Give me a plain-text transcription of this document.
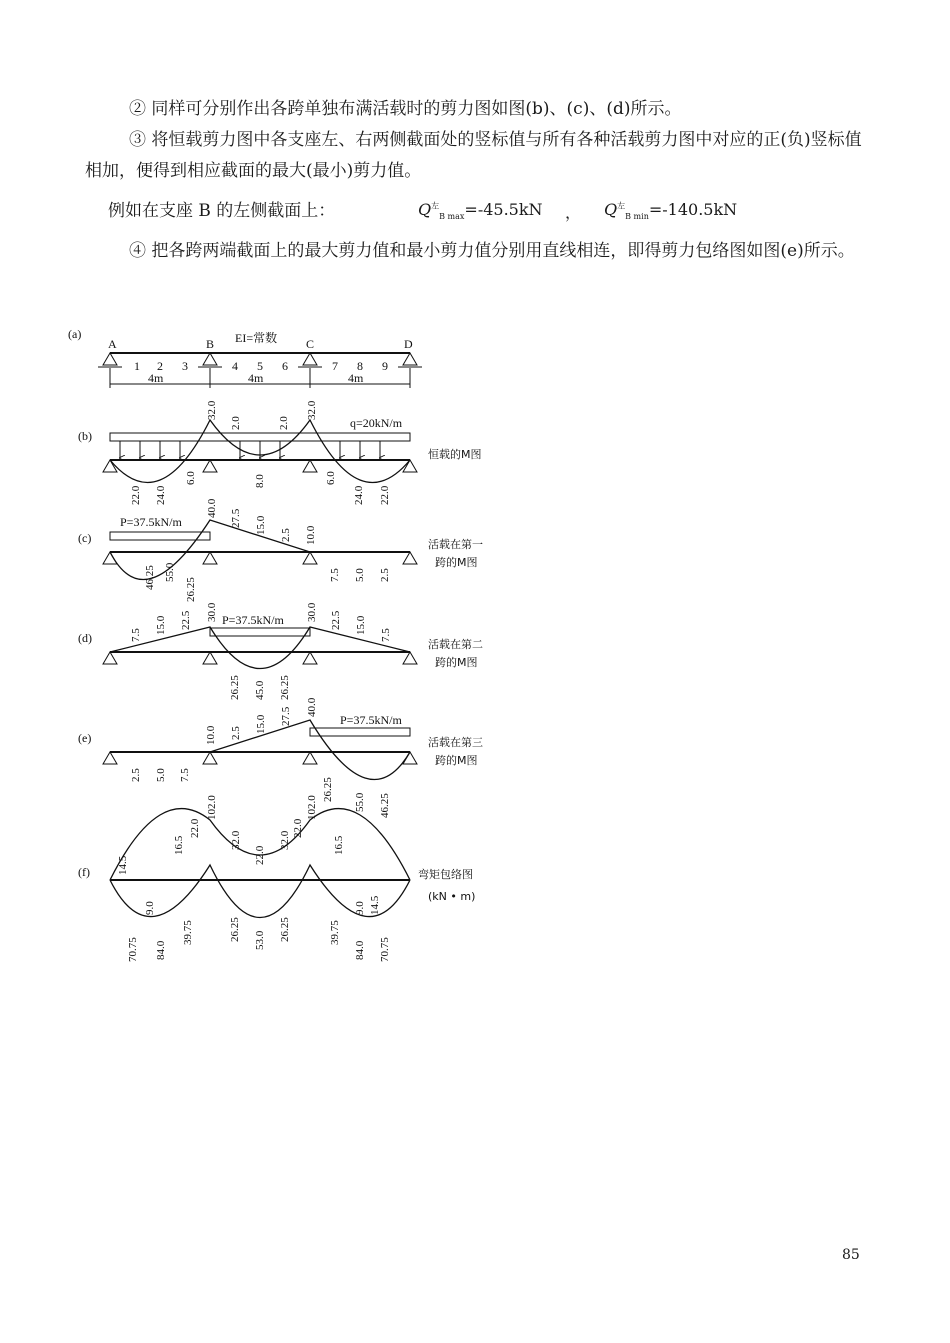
② 同样可分别作出各跨单独布满活载时的剪力图如图(b)、(c)、(d)所示。
③ 将恒载剪力图中各支座左、右两侧截面处的竖标值与所有各种活载剪力图中对应的正(负)竖标值相加，便得到相应截面的最大(最小)剪力值。
例如在支座 B 的左侧截面上：	$Q^左_{B max}=-45.5kN$ ， $Q^左_{B min}=-140.5kN$
④ 把各跨两端截面上的最大剪力值和最小剪力值分别用直线相连，即得剪力包络图如图(e)所示。
(a)	EI=常数
A	B	C	D
1 2 3	4 5 6	7 8 9
4m	4m	4m
(b)
q=20kN/m
恒载的M图
32.0
2.0	2.0
32.0
22.0 24.0
6.0	8.0	6.0
24.0 22.0
(c)
P=37.5kN/m
活载在第一
跨的M图
40.0
27.5 15.0
2.5 10.0
46.25 55.0
26.25
7.5 5.0 2.5
(d)
P=37.5kN/m
活载在第二
跨的M图
7.5
15.0 22.5 30.0	30.0 22.5 15.0
7.5
26.25 45.0 26.25
(e)
P=37.5kN/m
活载在第三
跨的M图
10.0 2.5 15.0 27.5 40.0
2.5 5.0 7.5
26.25
55.0 46.25
(f)	弯矩包络图
(kN • m)
14.5
16.5
22.0
102.0
32.0
22.0
32.0
22.0
102.0
16.5
9.0	9.0 14.5
70.75 84.0
39.75	26.25 53.0 26.25	39.75
84.0 70.75
85
